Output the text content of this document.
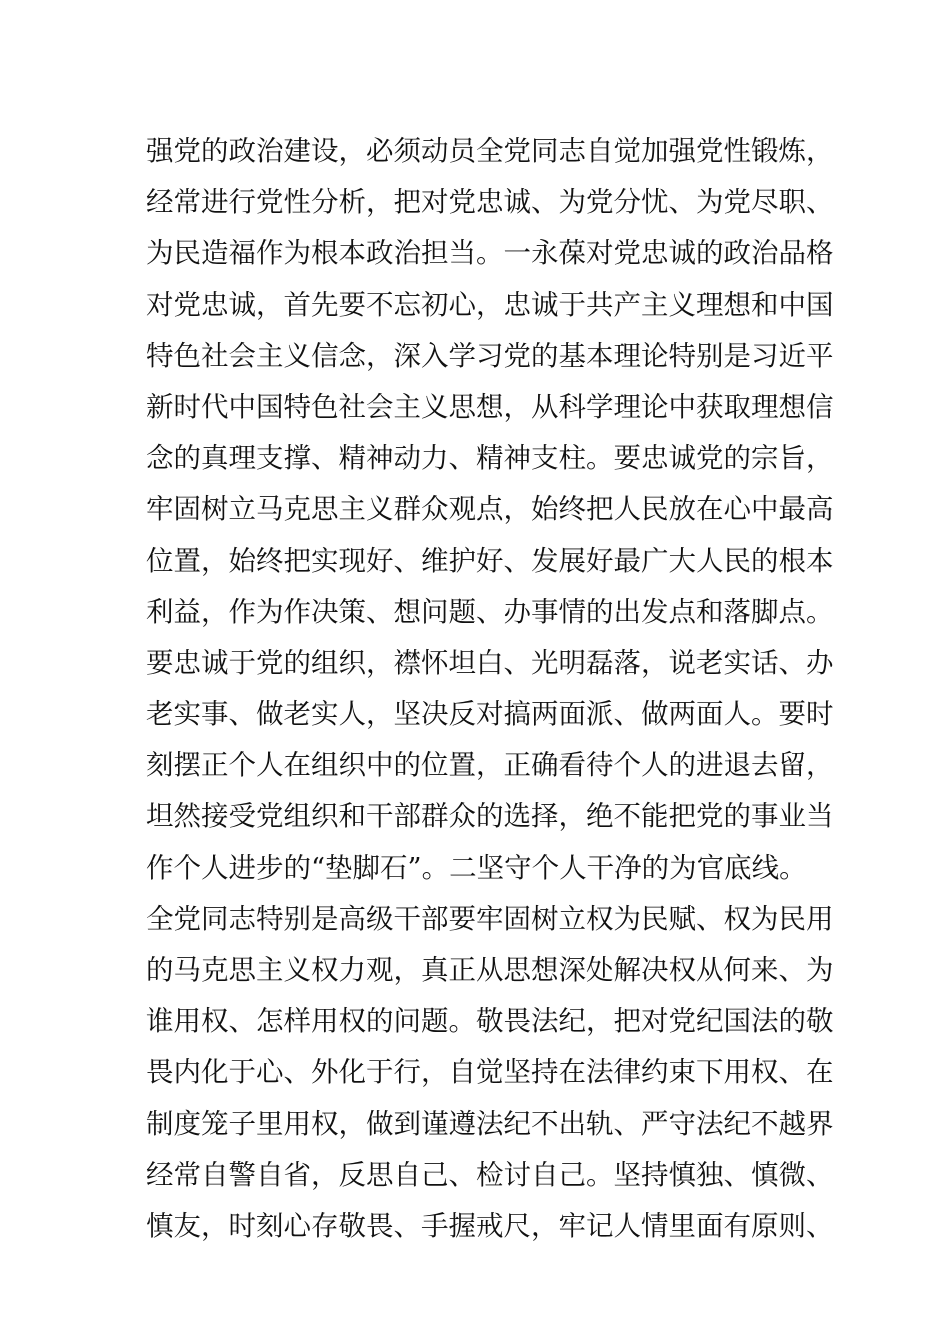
强党的政治建设，必须动员全党同志自觉加强党性锻炼，
经常进行党性分析，把对党忠诚、为党分忧、为党尽职、
为民造福作为根本政治担当。一永葆对党忠诚的政治品格
对党忠诚，首先要不忘初心，忠诚于共产主义理想和中国
特色社会主义信念，深入学习党的基本理论特别是习近平
新时代中国特色社会主义思想，从科学理论中获取理想信
念的真理支撑、精神动力、精神支柱。要忠诚党的宗旨，
牢固树立马克思主义群众观点，始终把人民放在心中最高
位置，始终把实现好、维护好、发展好最广大人民的根本
利益，作为作决策、想问题、办事情的出发点和落脚点。
要忠诚于党的组织，襟怀坦白、光明磊落，说老实话、办
老实事、做老实人，坚决反对搞两面派、做两面人。要时
刻摆正个人在组织中的位置，正确看待个人的进退去留，
坦然接受党组织和干部群众的选择，绝不能把党的事业当
作个人进步的“垫脚石”。二坚守个人干净的为官底线。
全党同志特别是高级干部要牢固树立权为民赋、权为民用
的马克思主义权力观，真正从思想深处解决权从何来、为
谁用权、怎样用权的问题。敬畏法纪，把对党纪国法的敬
畏内化于心、外化于行，自觉坚持在法律约束下用权、在
制度笼子里用权，做到谨遵法纪不出轨、严守法纪不越界
经常自警自省，反思自己、检讨自己。坚持慎独、慎微、
慎友，时刻心存敬畏、手握戒尺，牢记人情里面有原则、
